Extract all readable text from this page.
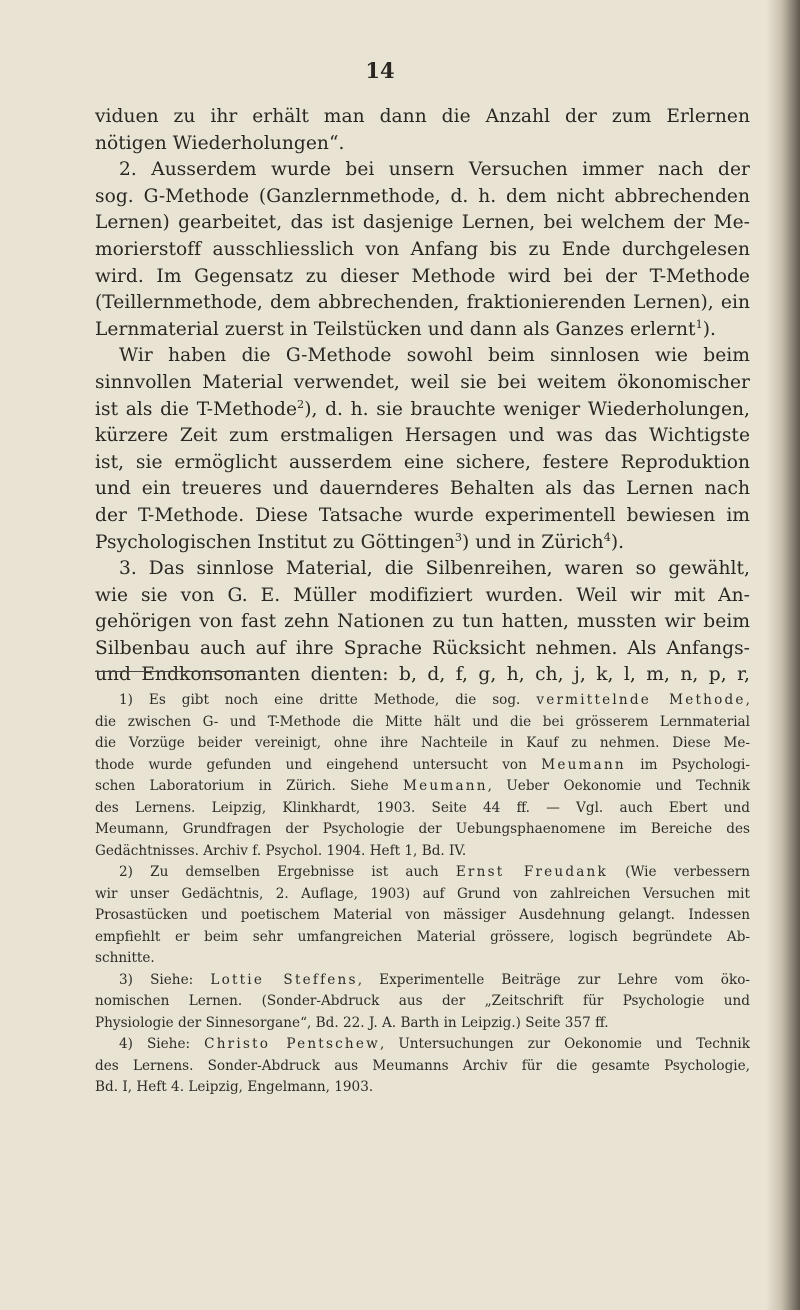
14

viduen zu ihr erhält man dann die Anzahl der zum Erlernen

nötigen Wiederholungen“.

2. Ausserdem wurde bei unsern Versuchen immer nach der

sog. G-Methode (Ganzlernmethode, d. h. dem nicht abbrechenden

Lernen) gearbeitet, das ist dasjenige Lernen, bei welchem der Me-

morierstoff ausschliesslich von Anfang bis zu Ende durchgelesen

wird. Im Gegensatz zu dieser Methode wird bei der T-Methode

(Teillernmethode, dem abbrechenden, fraktionierenden Lernen), ein

Lernmaterial zuerst in Teilstücken und dann als Ganzes erlernt$^1$).

Wir haben die G-Methode sowohl beim sinnlosen wie beim

sinnvollen Material verwendet, weil sie bei weitem ökonomischer

ist als die T-Methode$^2$), d. h. sie brauchte weniger Wiederholungen,

kürzere Zeit zum erstmaligen Hersagen und was das Wichtigste

ist, sie ermöglicht ausserdem eine sichere, festere Reproduktion

und ein treueres und dauernderes Behalten als das Lernen nach

der T-Methode. Diese Tatsache wurde experimentell bewiesen im

Psychologischen Institut zu Göttingen$^3$) und in Zürich$^4$).

3. Das sinnlose Material, die Silbenreihen, waren so gewählt,

wie sie von G. E. Müller modifiziert wurden. Weil wir mit An-

gehörigen von fast zehn Nationen zu tun hatten, mussten wir beim

Silbenbau auch auf ihre Sprache Rücksicht nehmen. Als Anfangs-

und Endkonsonanten dienten: b, d, f, g, h, ch, j, k, l, m, n, p, r,

1) Es gibt noch eine dritte Methode, die sog. vermittelnde Methode,

die zwischen G- und T-Methode die Mitte hält und die bei grösserem Lernmaterial

die Vorzüge beider vereinigt, ohne ihre Nachteile in Kauf zu nehmen. Diese Me-

thode wurde gefunden und eingehend untersucht von Meumann im Psychologi-

schen Laboratorium in Zürich. Siehe Meumann, Ueber Oekonomie und Technik

des Lernens. Leipzig, Klinkhardt, 1903. Seite 44 ff. — Vgl. auch Ebert und

Meumann, Grundfragen der Psychologie der Uebungsphaenomene im Bereiche des

Gedächtnisses. Archiv f. Psychol. 1904. Heft 1, Bd. IV.

2) Zu demselben Ergebnisse ist auch Ernst Freudank (Wie verbessern

wir unser Gedächtnis, 2. Auflage, 1903) auf Grund von zahlreichen Versuchen mit

Prosastücken und poetischem Material von mässiger Ausdehnung gelangt. Indessen

empfiehlt er beim sehr umfangreichen Material grössere, logisch begründete Ab-

schnitte.

3) Siehe: Lottie Steffens, Experimentelle Beiträge zur Lehre vom öko-

nomischen Lernen. (Sonder-Abdruck aus der „Zeitschrift für Psychologie und

Physiologie der Sinnesorgane“, Bd. 22. J. A. Barth in Leipzig.) Seite 357 ff.

4) Siehe: Christo Pentschew, Untersuchungen zur Oekonomie und Technik

des Lernens. Sonder-Abdruck aus Meumanns Archiv für die gesamte Psychologie,

Bd. I, Heft 4. Leipzig, Engelmann, 1903.
